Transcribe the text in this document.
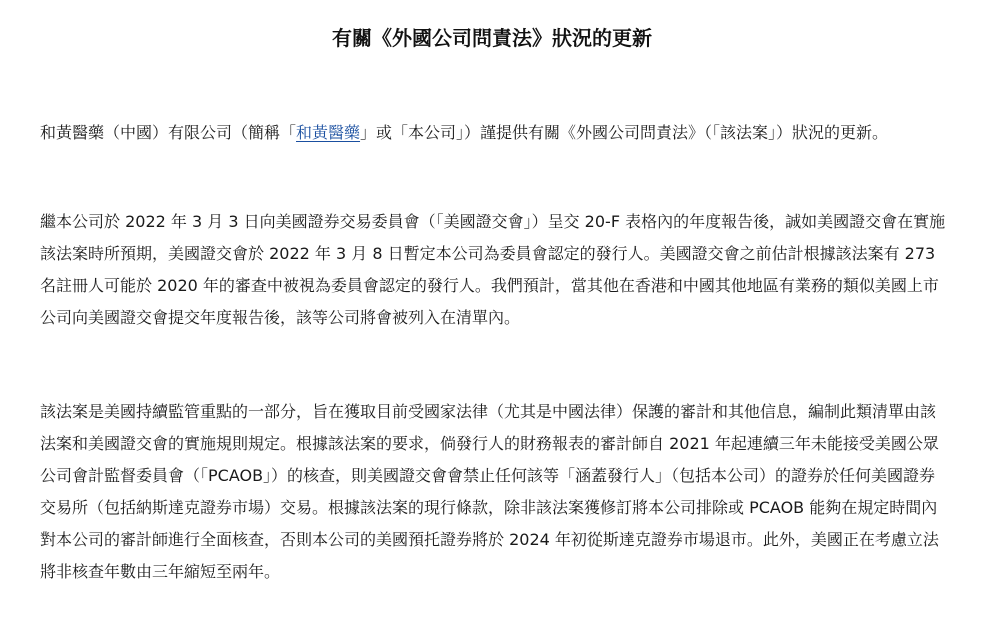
有關《外國公司問責法》狀況的更新

和黃醫藥（中國）有限公司（簡稱「和黃醫藥」或「本公司」）謹提供有關《外國公司問責法》（「該法案」）狀況的更新。

繼本公司於 2022 年 3 月 3 日向美國證券交易委員會（「美國證交會」）呈交 20-F 表格內的年度報告後，誠如美國證交會在實施該法案時所預期，美國證交會於 2022 年 3 月 8 日暫定本公司為委員會認定的發行人。美國證交會之前估計根據該法案有 273 名註冊人可能於 2020 年的審查中被視為委員會認定的發行人。我們預計，當其他在香港和中國其他地區有業務的類似美國上市公司向美國證交會提交年度報告後，該等公司將會被列入在清單內。

該法案是美國持續監管重點的一部分，旨在獲取目前受國家法律（尤其是中國法律）保護的審計和其他信息，編制此類清單由該法案和美國證交會的實施規則規定。根據該法案的要求，倘發行人的財務報表的審計師自 2021 年起連續三年未能接受美國公眾公司會計監督委員會（「PCAOB」）的核查，則美國證交會會禁止任何該等「涵蓋發行人」（包括本公司）的證券於任何美國證券交易所（包括納斯達克證券市場）交易。根據該法案的現行條款，除非該法案獲修訂將本公司排除或 PCAOB 能夠在規定時間內對本公司的審計師進行全面核查，否則本公司的美國預托證券將於 2024 年初從斯達克證券市場退市。此外，美國正在考慮立法將非核查年數由三年縮短至兩年。
